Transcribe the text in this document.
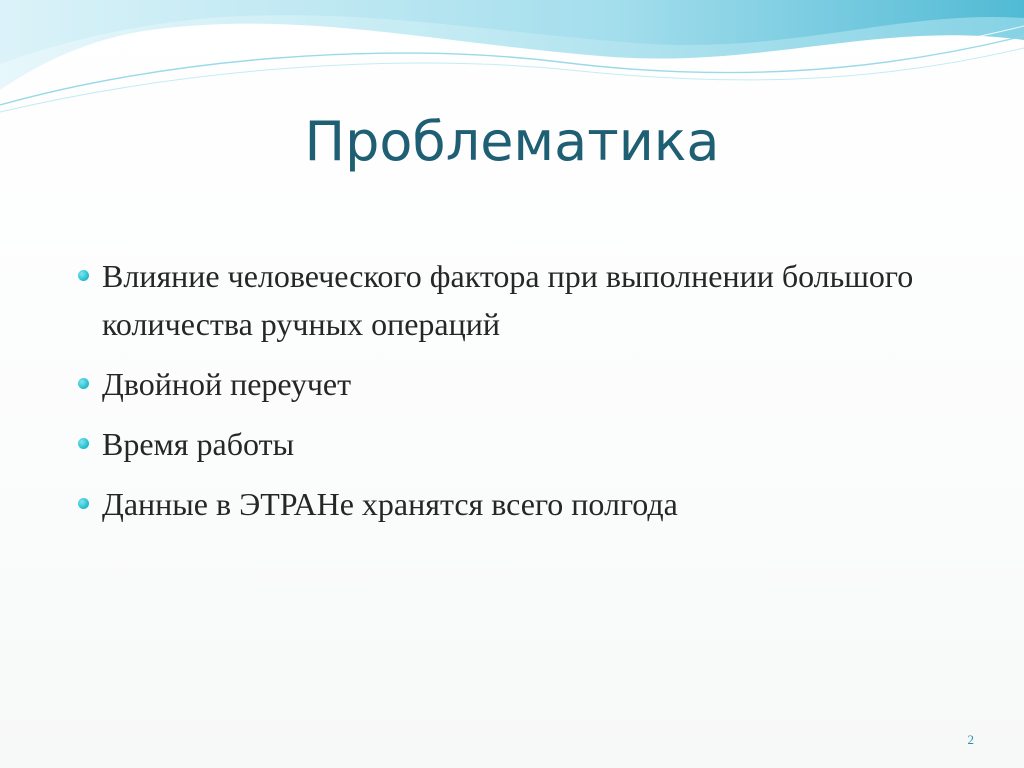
Проблематика
Влияние человеческого фактора при выполнении большого количества ручных операций
Двойной переучет
Время работы
Данные в ЭТРАНе хранятся всего полгода
2
